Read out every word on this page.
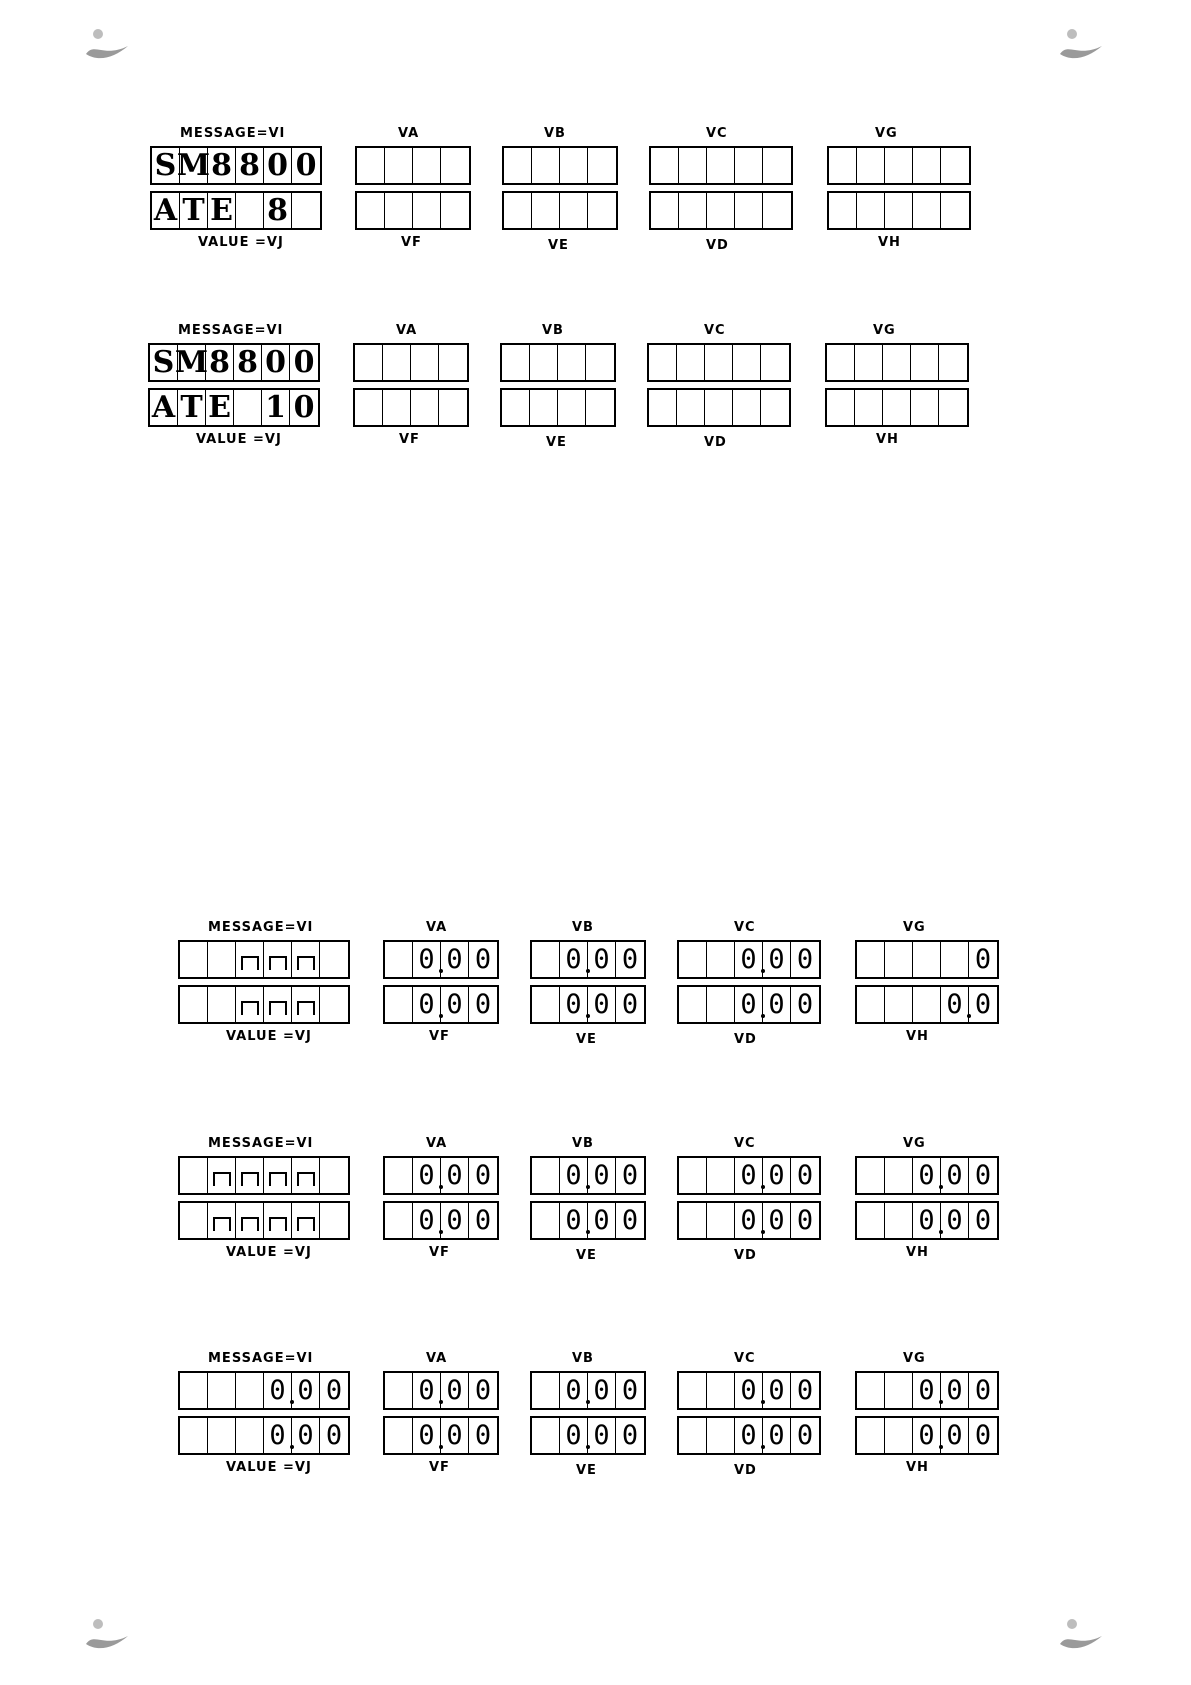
MESSAGE=VI
S M 8 8 0 0
A T E 8
VALUE =VJ
VA
VF
VB
VE
VC
VD
VG
VH
MESSAGE=VI
S M 8 8 0 0
A T E 1 0
VALUE =VJ
VA
VF
VB
VE
VC
VD
VG
VH
MESSAGE=VI
VALUE =VJ
VA
0 0 0
0 0 0
VF
VB
0 0 0
0 0 0
VE
VC
0 0 0
0 0 0
VD
VG
0
0 0
VH
MESSAGE=VI
VALUE =VJ
VA
0 0 0
0 0 0
VF
VB
0 0 0
0 0 0
VE
VC
0 0 0
0 0 0
VD
VG
0 0 0
0 0 0
VH
MESSAGE=VI
0 0 0
0 0 0
VALUE =VJ
VA
0 0 0
0 0 0
VF
VB
0 0 0
0 0 0
VE
VC
0 0 0
0 0 0
VD
VG
0 0 0
0 0 0
VH
